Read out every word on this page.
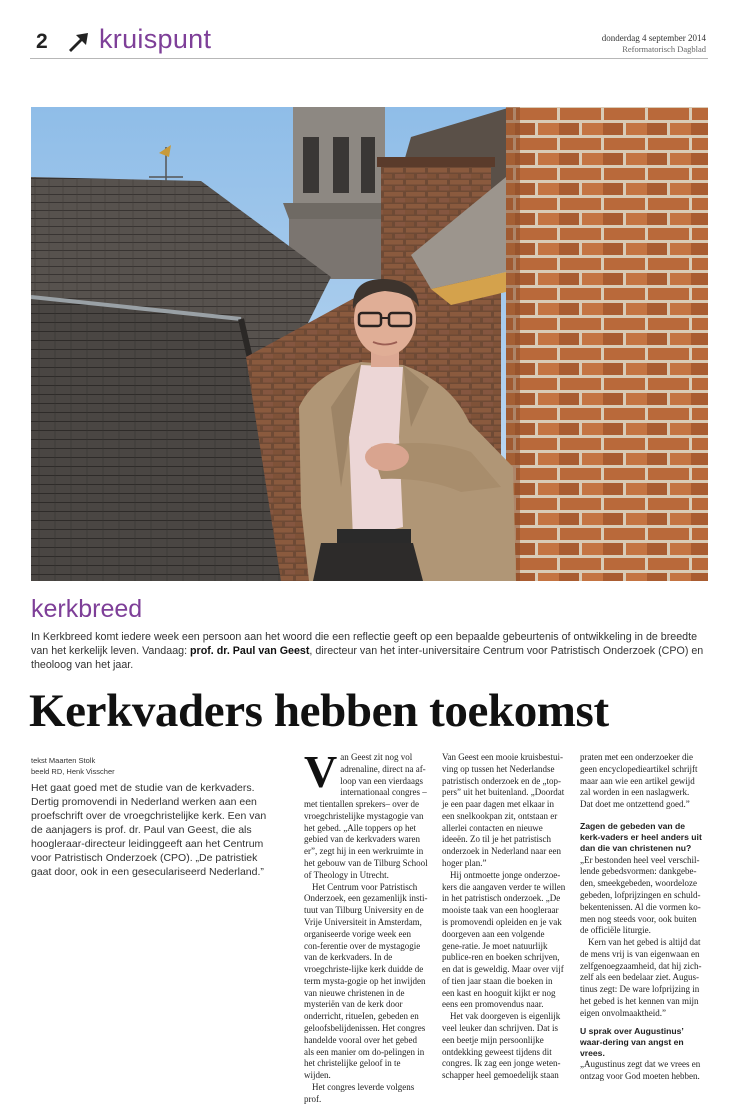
2 kruispunt	donderdag 4 september 2014
Reformatorisch Dagblad
kerkbreed
In Kerkbreed komt iedere week een persoon aan het woord die een reflectie geeft op een bepaalde gebeurtenis of ontwikkeling in de breedte van het kerkelijk leven. Vandaag: prof. dr. Paul van Geest, directeur van het inter-universitaire Centrum voor Patristisch Onderzoek (CPO) en theoloog van het jaar.
Kerkvaders hebben toekomst
tekst Maarten Stolk
beeld RD, Henk Visscher
Het gaat goed met de studie van de kerkvaders. Dertig promovendi in Nederland werken aan een proefschrift over de vroegchristelijke kerk. Een van de aanjagers is prof. dr. Paul van Geest, die als hoogleraar-directeur leidinggeeft aan het Centrum voor Patristisch Onderzoek (CPO). „De patristiek gaat door, ook in een geseculariseerd Nederland.”

Van Geest zit nog vol adrenaline, direct na af-loop van een vierdaags internationaal congres –met tientallen sprekers– over de vroegchristelijke mystagogie van het gebed. „Alle toppers op het gebied van de kerkvaders waren er”, zegt hij in een werkruimte in het gebouw van de Tilburg School of Theology in Utrecht.

Het Centrum voor Patristisch Onderzoek, een gezamenlijk insti-tuut van Tilburg University en de Vrije Universiteit in Amsterdam, organiseerde vorige week een con-ferentie over de mystagogie van de kerkvaders. In de vroegchriste-lijke kerk duidde de term mysta-gogie op het inwijden van nieuwe christenen in de mysteriën van de kerk door onderricht, ritueIen, gebeden en geloofsbelijdenissen. Het congres handelde vooral over het gebed als een manier om do-pelingen in het christelijke geloof in te wijden.

Het congres leverde volgens prof.

Van Geest een mooie kruisbestui-ving op tussen het Nederlandse patristisch onderzoek en de „top-pers” uit het buitenland. „Doordat je een paar dagen met elkaar in een snelkookpan zit, ontstaan er allerlei contacten en nieuwe ideeën. Zo til je het patristisch onderzoek in Nederland naar een hoger plan.”

Hij ontmoette jonge onderzoe-kers die aangaven verder te willen in het patristisch onderzoek. „De mooiste taak van een hoogleraar is promovendi opleiden en je vak doorgeven aan een volgende gene-ratie. Je moet natuurlijk publice-ren en boeken schrijven, en dat is geweldig. Maar over vijf of tien jaar staan die boeken in een kast en hooguit kijkt er nog eens een promovendus naar.

Het vak doorgeven is eigenlijk veel leuker dan schrijven. Dat is een beetje mijn persoonlijke ontdekking geweest tijdens dit congres. Ik zag een jonge weten-schapper heel gemoedelijk staan

praten met een onderzoeker die geen encyclopedieartikel schrijft maar aan wie een artikel gewijd zal worden in een naslagwerk. Dat doet me ontzettend goed.”

Zagen de gebeden van de kerk-vaders er heel anders uit dan die van christenen nu?

„Er bestonden heel veel verschil-lende gebedsvormen: dankgebe-den, smeekgebeden, woordeloze gebeden, lofprijzingen en schuld-bekentenissen. Al die vormen ko-men nog steeds voor, ook buiten de officiële liturgie.

Kern van het gebed is altijd dat de mens vrij is van eigenwaan en zelfgenoegzaamheid, dat hij zich-zelf als een bedelaar ziet. Augus-tinus zegt: De ware lofprijzing in het gebed is het kennen van mijn eigen onvolmaaktheid.”

U sprak over Augustinus’ waar-dering van angst en vrees.

„Augustinus zegt dat we vrees en ontzag voor God moeten hebben.
